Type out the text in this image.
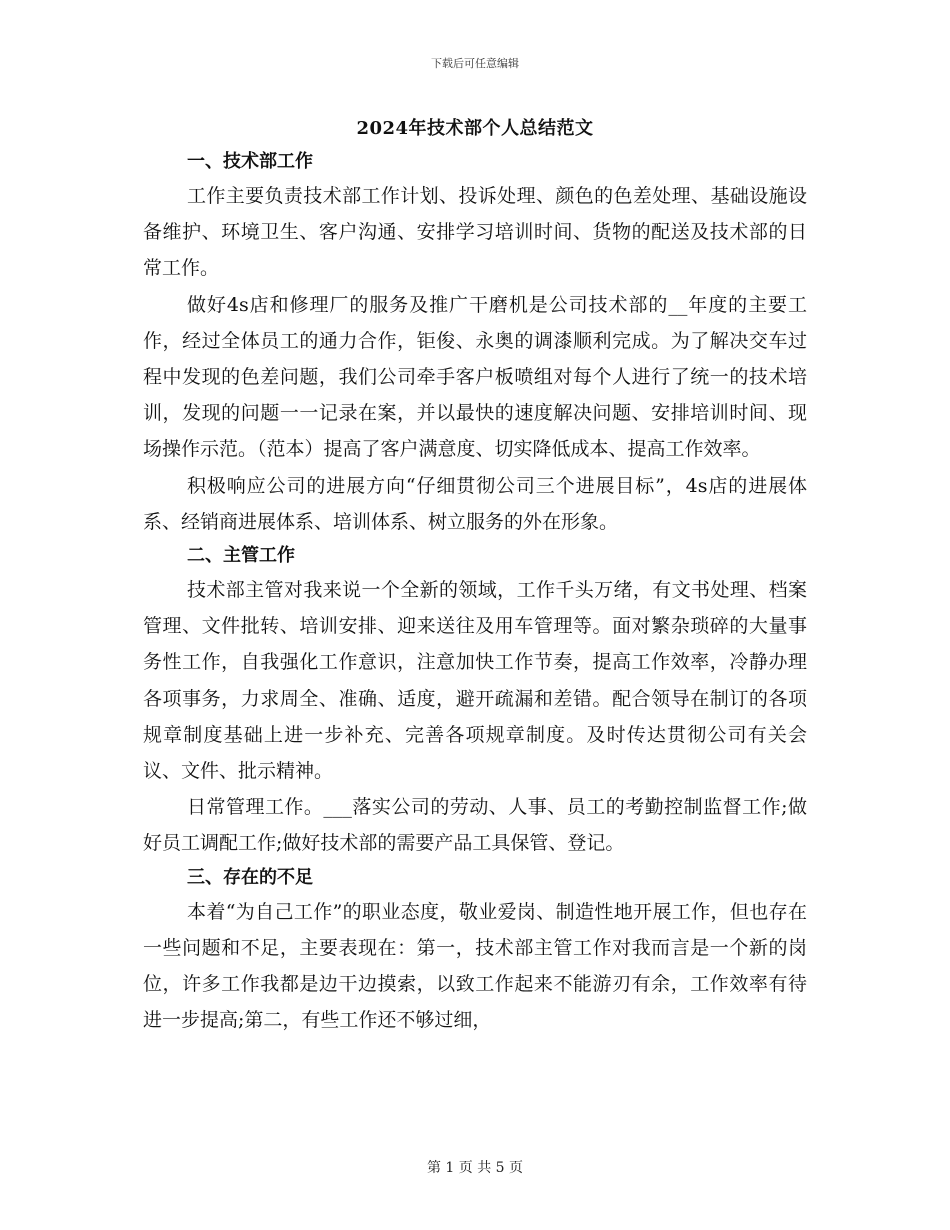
下载后可任意编辑
2024年技术部个人总结范文
一、技术部工作

工作主要负责技术部工作计划、投诉处理、颜色的色差处理、基础设施设备维护、环境卫生、客户沟通、安排学习培训时间、货物的配送及技术部的日常工作。

做好4s店和修理厂的服务及推广干磨机是公司技术部的__年度的主要工作，经过全体员工的通力合作，钜俊、永奥的调漆顺利完成。为了解决交车过程中发现的色差问题，我们公司牵手客户板喷组对每个人进行了统一的技术培训，发现的问题一一记录在案，并以最快的速度解决问题、安排培训时间、现场操作示范。（范本）提高了客户满意度、切实降低成本、提高工作效率。

积极响应公司的进展方向“仔细贯彻公司三个进展目标”，4s店的进展体系、经销商进展体系、培训体系、树立服务的外在形象。

二、主管工作

技术部主管对我来说一个全新的领域，工作千头万绪，有文书处理、档案管理、文件批转、培训安排、迎来送往及用车管理等。面对繁杂琐碎的大量事务性工作，自我强化工作意识，注意加快工作节奏，提高工作效率，冷静办理各项事务，力求周全、准确、适度，避开疏漏和差错。配合领导在制订的各项规章制度基础上进一步补充、完善各项规章制度。及时传达贯彻公司有关会议、文件、批示精神。

日常管理工作。___落实公司的劳动、人事、员工的考勤控制监督工作;做好员工调配工作;做好技术部的需要产品工具保管、登记。

三、存在的不足

本着“为自己工作”的职业态度，敬业爱岗、制造性地开展工作，但也存在一些问题和不足，主要表现在：第一，技术部主管工作对我而言是一个新的岗位，许多工作我都是边干边摸索，以致工作起来不能游刃有余，工作效率有待进一步提高;第二，有些工作还不够过细，

第 1 页 共 5 页
